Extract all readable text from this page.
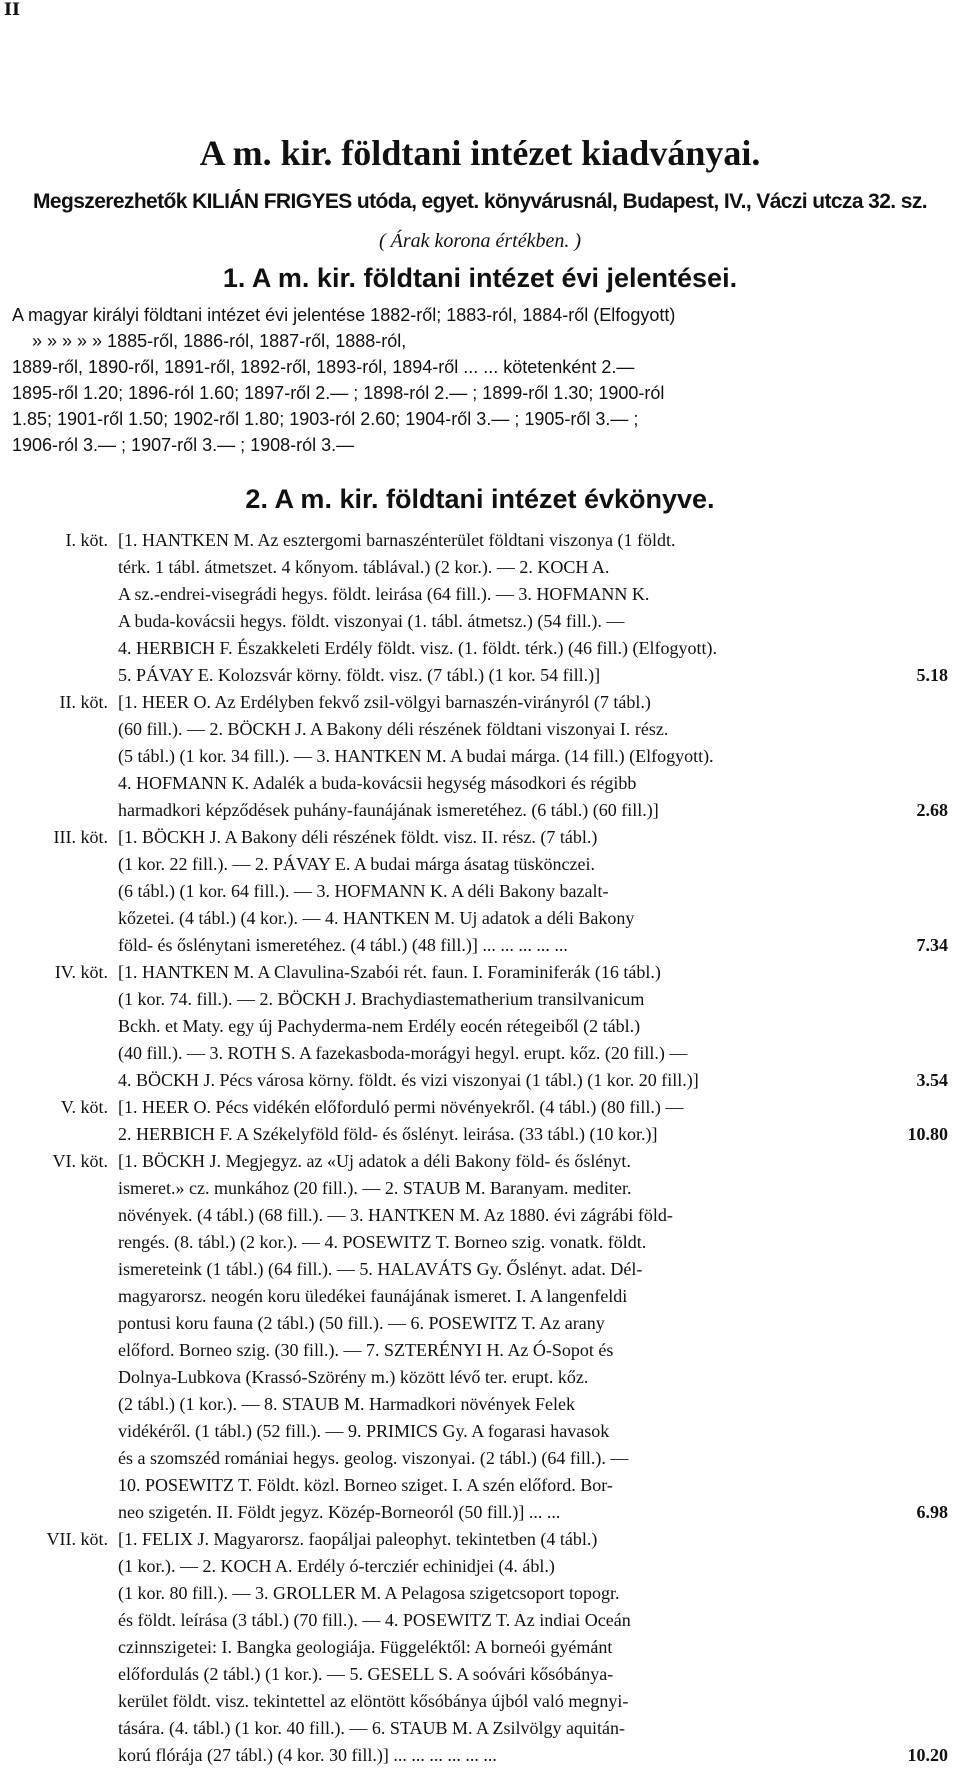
II
A m. kir. földtani intézet kiadványai.
Megszerezhetők KILIÁN FRIGYES utóda, egyet. könyvárusnál, Budapest, IV., Váczi utcza 32. sz.
( Árak korona értékben. )
1. A m. kir. földtani intézet évi jelentései.
A magyar királyi földtani intézet évi jelentése 1882-ről; 1883-ról, 1884-ről (Elfogyott)
» » » » » 1885-ről, 1886-ról, 1887-ről, 1888-ról,
1889-ről, 1890-ről, 1891-ről, 1892-ről, 1893-ról, 1894-ről ... ... kötetenként 2.—
1895-ről 1.20; 1896-ról 1.60; 1897-ről 2.— ; 1898-ról 2.— ; 1899-ről 1.30; 1900-ról
1.85; 1901-ről 1.50; 1902-ről 1.80; 1903-ról 2.60; 1904-ről 3.— ; 1905-ről 3.— ;
1906-ról 3.— ; 1907-ről 3.— ; 1908-ról 3.—
2. A m. kir. földtani intézet évkönyve.
I. köt. [1. HANTKEN M. Az esztergomi barnaszénterület földtani viszonya (1 földt.
térk. 1 tábl. átmetszet. 4 kőnyom. táblával.) (2 kor.). — 2. KOCH A.
A sz.-endrei-visegrádi hegys. földt. leirása (64 fill.). — 3. HOFMANN K.
A buda-kovácsii hegys. földt. viszonyai (1. tábl. átmetsz.) (54 fill.). —
4. HERBICH F. Északkeleti Erdély földt. visz. (1. földt. térk.) (46 fill.) (Elfogyott).
5. PÁVAY E. Kolozsvár körny. földt. visz. (7 tábl.) (1 kor. 54 fill.)]	5.18
II. köt. [1. HEER O. Az Erdélyben fekvő zsil-völgyi barnaszén-virányról (7 tábl.)
(60 fill.). — 2. BÖCKH J. A Bakony déli részének földtani viszonyai I. rész.
(5 tábl.) (1 kor. 34 fill.). — 3. HANTKEN M. A budai márga. (14 fill.) (Elfogyott).
4. HOFMANN K. Adalék a buda-kovácsii hegység másodkori és régibb
harmadkori képződések puhány-faunájának ismeretéhez. (6 tábl.) (60 fill.)]	2.68
III. köt. [1. BÖCKH J. A Bakony déli részének földt. visz. II. rész. (7 tábl.)
(1 kor. 22 fill.). — 2. PÁVAY E. A budai márga ásatag tüskönczei.
(6 tábl.) (1 kor. 64 fill.). — 3. HOFMANN K. A déli Bakony bazalt-
kőzetei. (4 tábl.) (4 kor.). — 4. HANTKEN M. Uj adatok a déli Bakony
föld- és őslénytani ismeretéhez. (4 tábl.) (48 fill.)] ... ... ... ... ...	7.34
IV. köt. [1. HANTKEN M. A Clavulina-Szabói rét. faun. I. Foraminiferák (16 tábl.)
(1 kor. 74. fill.). — 2. BÖCKH J. Brachydiastematherium transilvanicum
Bckh. et Maty. egy új Pachyderma-nem Erdély eocén rétegeiből (2 tábl.)
(40 fill.). — 3. ROTH S. A fazekasboda-morágyi hegyl. erupt. kőz. (20 fill.) —
4. BÖCKH J. Pécs városa körny. földt. és vizi viszonyai (1 tábl.) (1 kor. 20 fill.)]	3.54
V. köt. [1. HEER O. Pécs vidékén előforduló permi növényekről. (4 tábl.) (80 fill.) —
2. HERBICH F. A Székelyföld föld- és őslényt. leirása. (33 tábl.) (10 kor.)]	10.80
VI. köt. [1. BÖCKH J. Megjegyz. az «Uj adatok a déli Bakony föld- és őslényt.
ismeret.» cz. munkához (20 fill.). — 2. STAUB M. Baranyam. mediter.
növények. (4 tábl.) (68 fill.). — 3. HANTKEN M. Az 1880. évi zágrábi föld-
rengés. (8. tábl.) (2 kor.). — 4. POSEWITZ T. Borneo szig. vonatk. földt.
ismereteink (1 tábl.) (64 fill.). — 5. HALAVÁTS Gy. Őslényt. adat. Dél-
magyarorsz. neogén koru üledékei faunájának ismeret. I. A langenfeldi
pontusi koru fauna (2 tábl.) (50 fill.). — 6. POSEWITZ T. Az arany
előford. Borneo szig. (30 fill.). — 7. SZTERÉNYI H. Az Ó-Sopot és
Dolnya-Lubkova (Krassó-Szörény m.) között lévő ter. erupt. kőz.
(2 tábl.) (1 kor.). — 8. STAUB M. Harmadkori növények Felek
vidékéről. (1 tábl.) (52 fill.). — 9. PRIMICS Gy. A fogarasi havasok
és a szomszéd romániai hegys. geolog. viszonyai. (2 tábl.) (64 fill.). —
10. POSEWITZ T. Földt. közl. Borneo sziget. I. A szén előford. Bor-
neo szigetén. II. Földt jegyz. Közép-Borneoról (50 fill.)] ... ...	6.98
VII. köt. [1. FELIX J. Magyarorsz. faopáljai paleophyt. tekintetben (4 tábl.)
(1 kor.). — 2. KOCH A. Erdély ó-tercziér echinidjei (4. ábl.)
(1 kor. 80 fill.). — 3. GROLLER M. A Pelagosa szigetcsoport topogr.
és földt. leírása (3 tábl.) (70 fill.). — 4. POSEWITZ T. Az indiai Oceán
czinnszigetei: I. Bangka geologiája. Függeléktől: A borneói gyémánt
előfordulás (2 tábl.) (1 kor.). — 5. GESELL S. A soóvári kősóbánya-
kerület földt. visz. tekintettel az elöntött kősóbánya újból való megnyi-
tására. (4. tábl.) (1 kor. 40 fill.). — 6. STAUB M. A Zsilvölgy aquitán-
korú flórája (27 tábl.) (4 kor. 30 fill.)] ... ... ... ... ... ...	10.20
